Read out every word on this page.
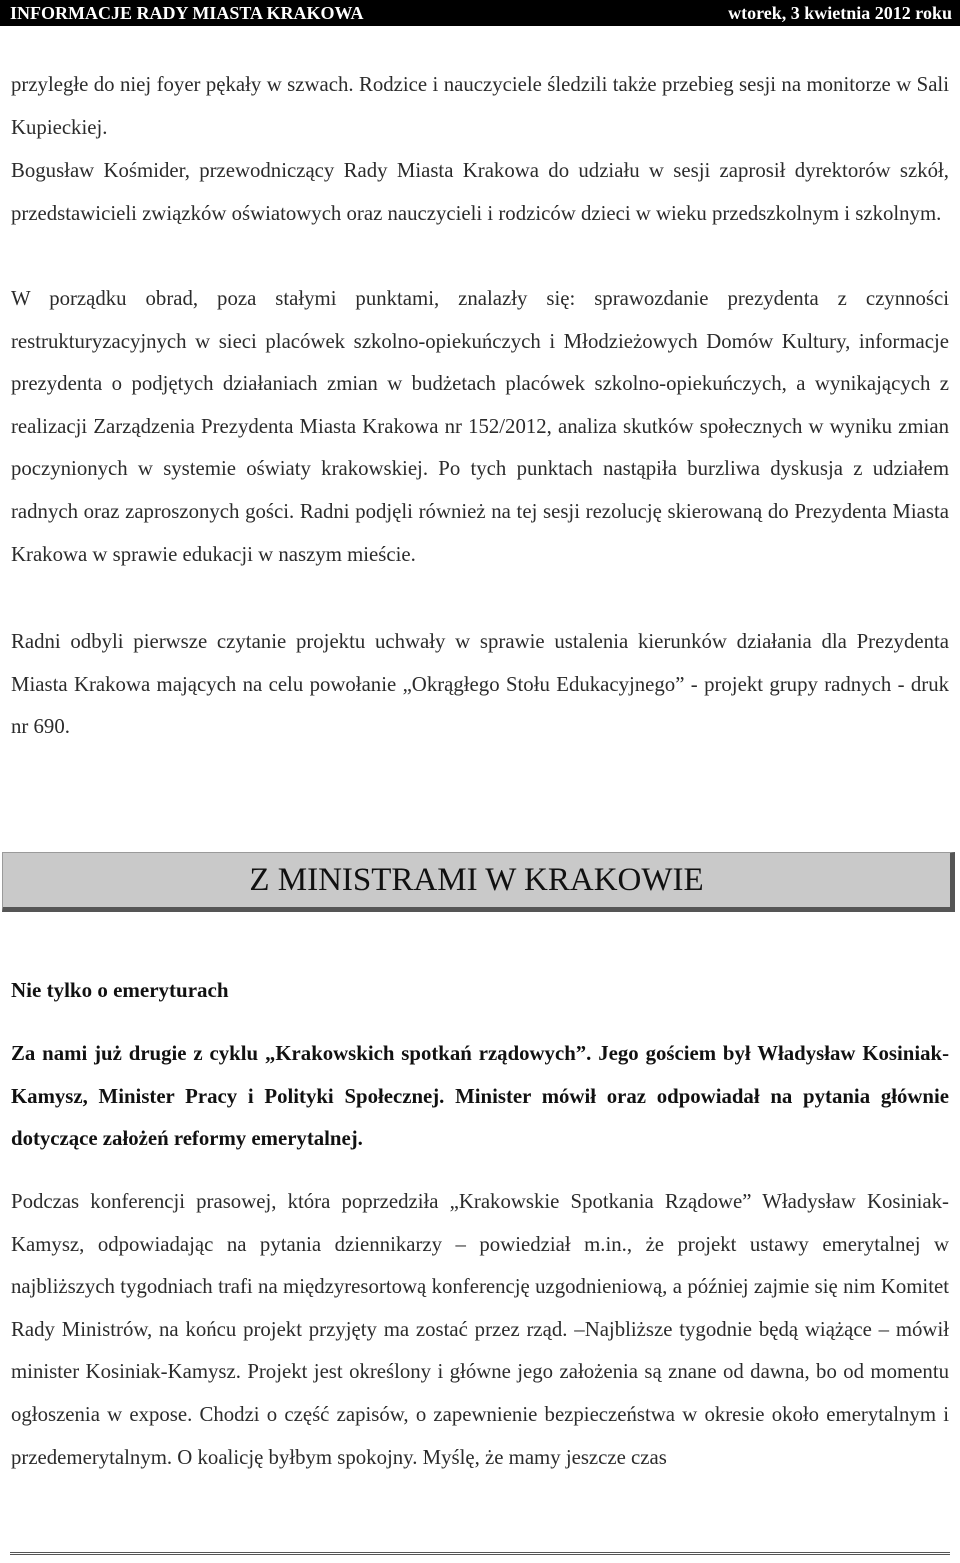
INFORMACJE RADY MIASTA KRAKOWA	wtorek, 3 kwietnia 2012 roku

przyległe do niej foyer pękały w szwach. Rodzice i nauczyciele śledzili także przebieg sesji na monitorze w Sali Kupieckiej.

Bogusław Kośmider, przewodniczący Rady Miasta Krakowa do udziału w sesji zaprosił dyrektorów szkół, przedstawicieli związków oświatowych oraz nauczycieli i rodziców dzieci w wieku przedszkolnym i szkolnym.

W porządku obrad, poza stałymi punktami, znalazły się: sprawozdanie prezydenta z czynności restrukturyzacyjnych w sieci placówek szkolno-opiekuńczych i Młodzieżowych Domów Kultury, informacje prezydenta o podjętych działaniach zmian w budżetach placówek szkolno-opiekuńczych, a wynikających z realizacji Zarządzenia Prezydenta Miasta Krakowa nr 152/2012, analiza skutków społecznych w wyniku zmian poczynionych w systemie oświaty krakowskiej. Po tych punktach nastąpiła burzliwa dyskusja z udziałem radnych oraz zaproszonych gości. Radni podjęli również na tej sesji rezolucję skierowaną do Prezydenta Miasta Krakowa w sprawie edukacji w naszym mieście.

Radni odbyli pierwsze czytanie projektu uchwały w sprawie ustalenia kierunków działania dla Prezydenta Miasta Krakowa mających na celu powołanie „Okrągłego Stołu Edukacyjnego” - projekt grupy radnych - druk nr 690.

Z MINISTRAMI W KRAKOWIE
Nie tylko o emeryturach

Za nami już drugie z cyklu „Krakowskich spotkań rządowych”. Jego gościem był Władysław Kosiniak-Kamysz, Minister Pracy i Polityki Społecznej. Minister mówił oraz odpowiadał na pytania głównie dotyczące założeń reformy emerytalnej.

Podczas konferencji prasowej, która poprzedziła „Krakowskie Spotkania Rządowe” Władysław Kosiniak-Kamysz, odpowiadając na pytania dziennikarzy – powiedział m.in., że projekt ustawy emerytalnej w najbliższych tygodniach trafi na międzyresortową konferencję uzgodnieniową, a później zajmie się nim Komitet Rady Ministrów, na końcu projekt przyjęty ma zostać przez rząd. –Najbliższe tygodnie będą wiążące – mówił minister Kosiniak-Kamysz. Projekt jest określony i główne jego założenia są znane od dawna, bo od momentu ogłoszenia w expose. Chodzi o część zapisów, o zapewnienie bezpieczeństwa w okresie około emerytalnym i przedemerytalnym. O koalicję byłbym spokojny. Myślę, że mamy jeszcze czas
